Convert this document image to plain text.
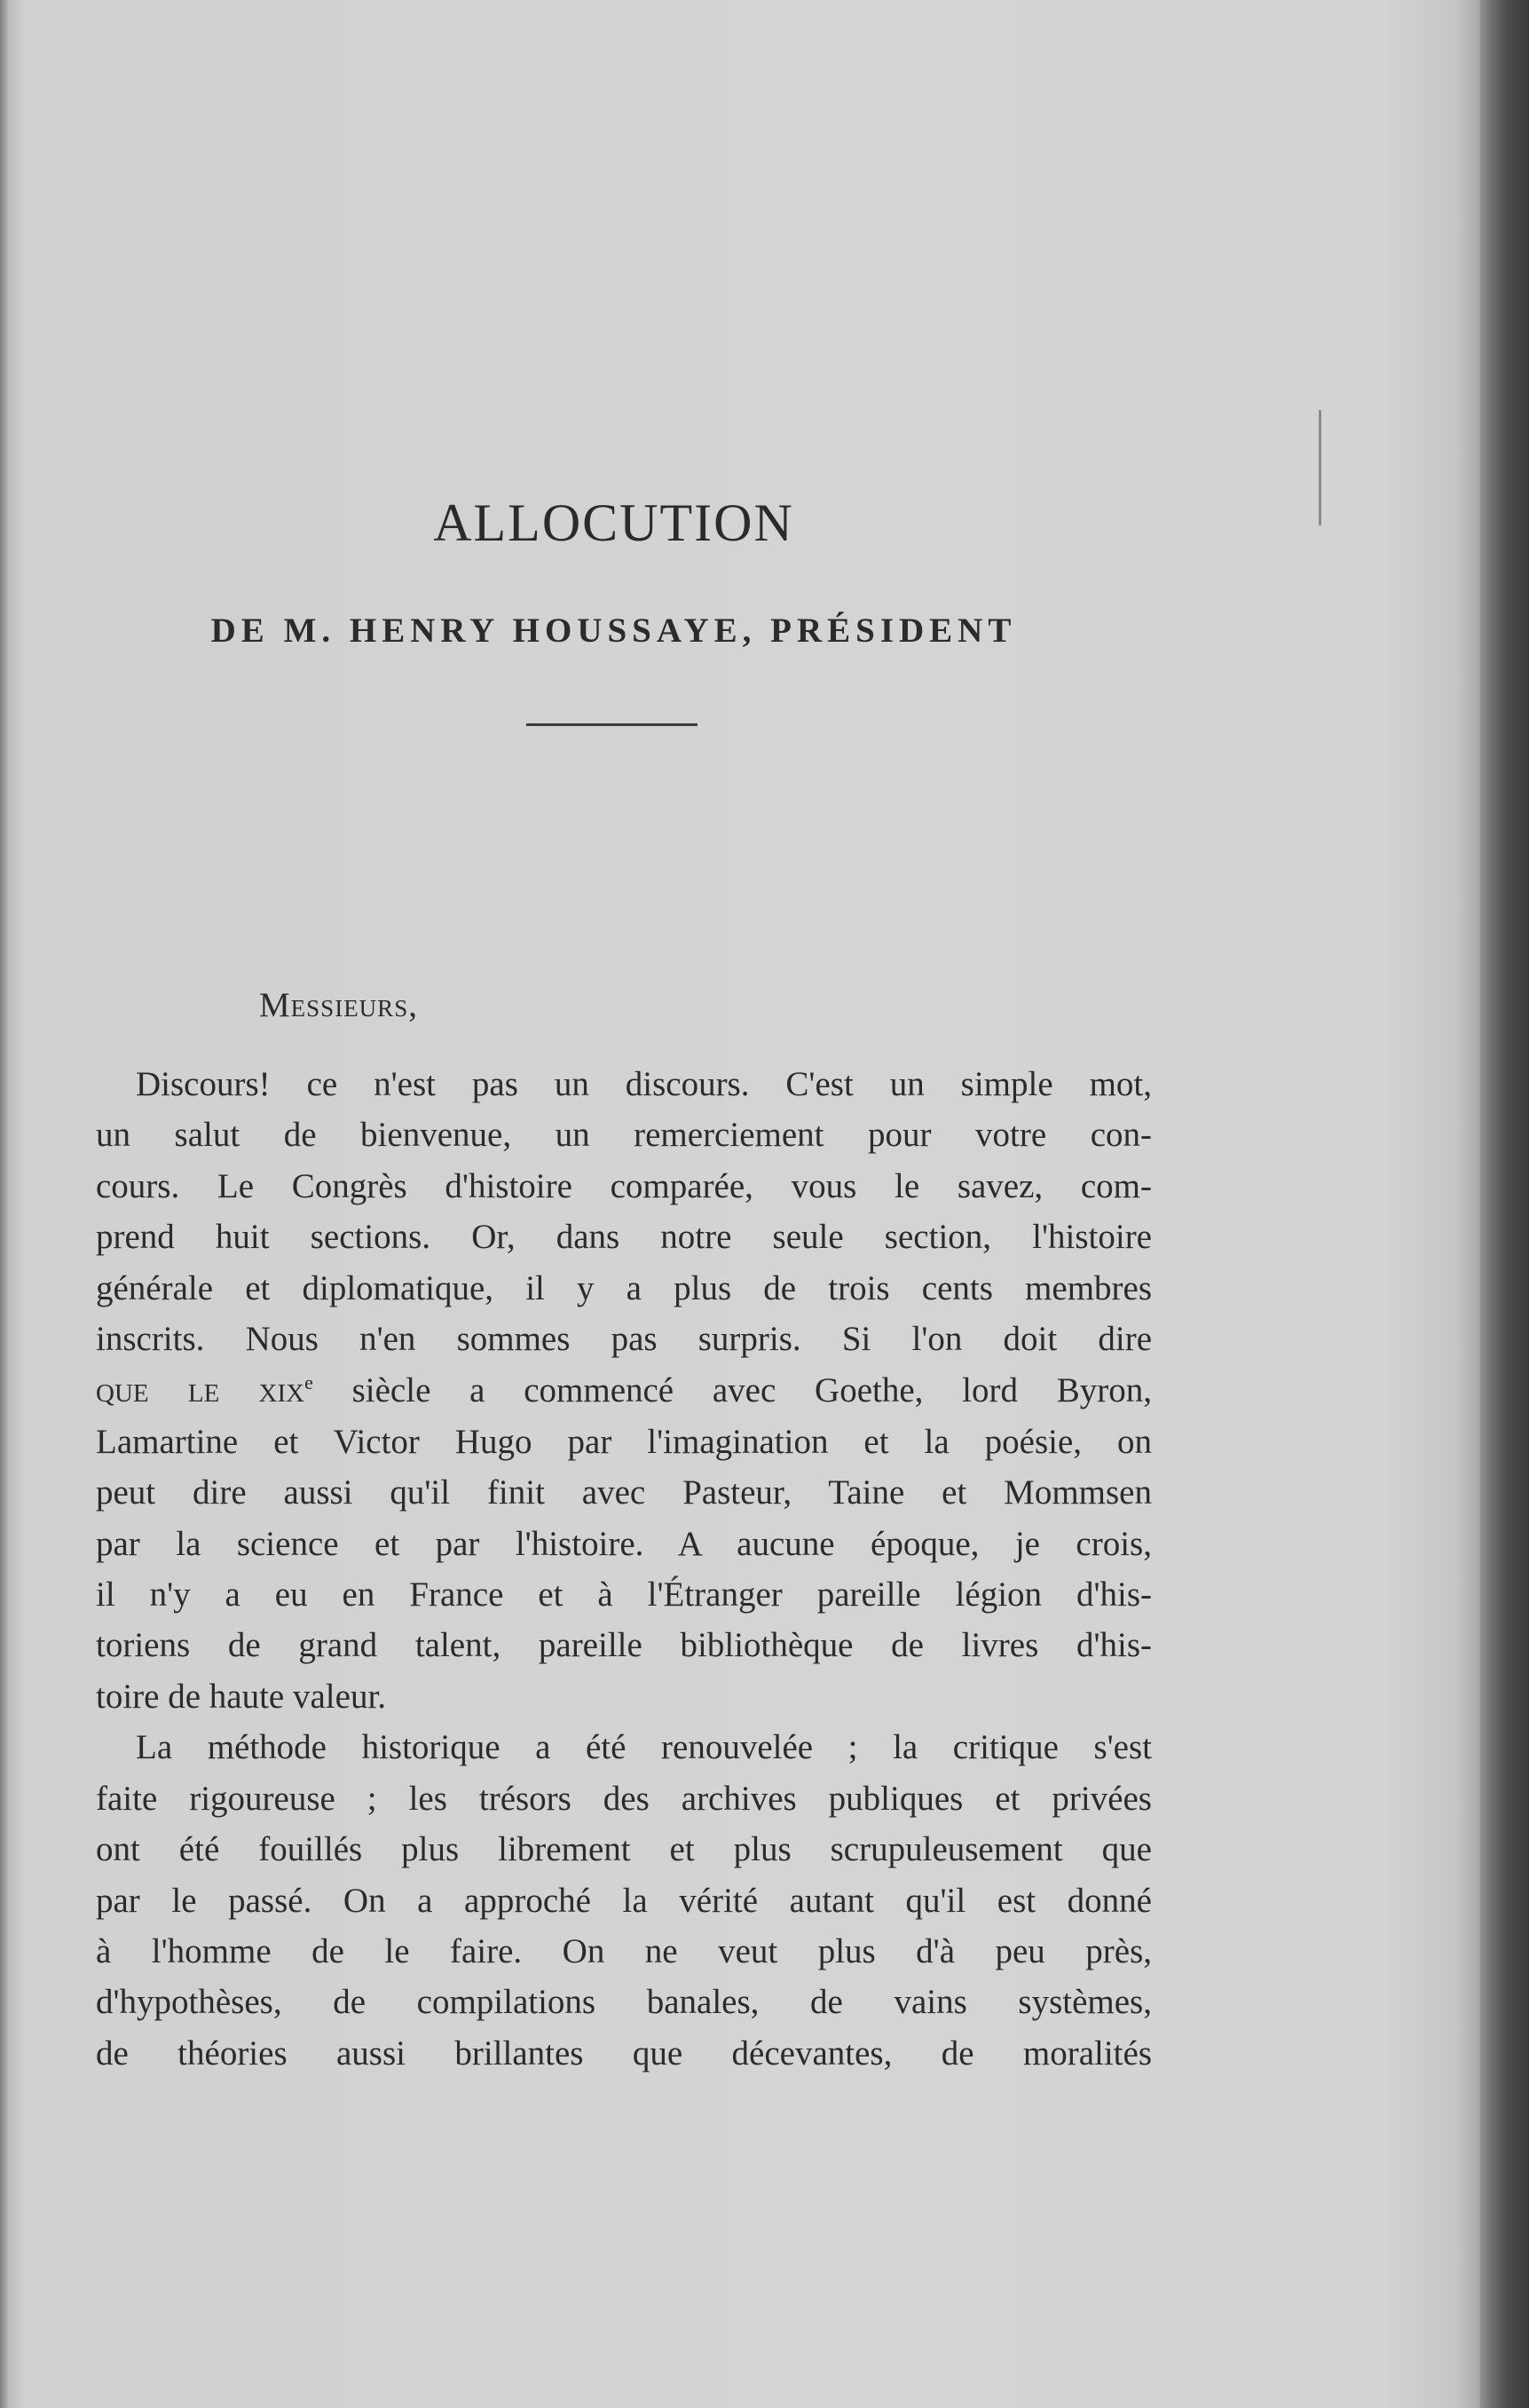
ALLOCUTION
DE M. HENRY HOUSSAYE, PRÉSIDENT
Messieurs,

Discours! ce n'est pas un discours. C'est un simple mot,
un salut de bienvenue, un remerciement pour votre con-
cours. Le Congrès d'histoire comparée, vous le savez, com-
prend huit sections. Or, dans notre seule section, l'histoire
générale et diplomatique, il y a plus de trois cents membres
inscrits. Nous n'en sommes pas surpris. Si l'on doit dire
que le xix$^e$ siècle a commencé avec Goethe, lord Byron,
Lamartine et Victor Hugo par l'imagination et la poésie, on
peut dire aussi qu'il finit avec Pasteur, Taine et Mommsen
par la science et par l'histoire. A aucune époque, je crois,
il n'y a eu en France et à l'Étranger pareille légion d'his-
toriens de grand talent, pareille bibliothèque de livres d'his-
toire de haute valeur.

La méthode historique a été renouvelée ; la critique s'est
faite rigoureuse ; les trésors des archives publiques et privées
ont été fouillés plus librement et plus scrupuleusement que
par le passé. On a approché la vérité autant qu'il est donné
à l'homme de le faire. On ne veut plus d'à peu près,
d'hypothèses, de compilations banales, de vains systèmes,
de théories aussi brillantes que décevantes, de moralités
